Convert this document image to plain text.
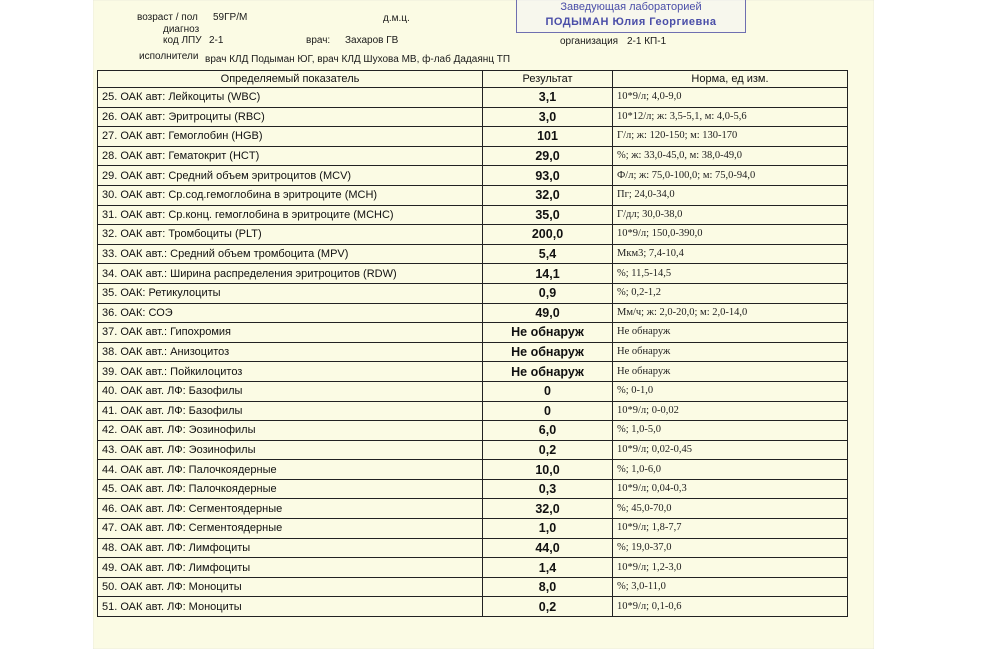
возраст / пол 59ГР/М	д.м.ц.
диагноз
код ЛПУ 2-1	врач: Захаров ГВ	организация 2-1 КП-1
исполнители врач КЛД Подыман ЮГ, врач КЛД Шухова МВ, ф-лаб Дадаянц ТП
Заведующая лабораторией
ПОДЫМАН Юлия Георгиевна
Определяемый показатель	Результат	Норма, ед изм.
25. ОАК авт: Лейкоциты (WBC)	3,1	10*9/л; 4,0-9,0
26. ОАК авт: Эритроциты (RBC)	3,0	10*12/л; ж: 3,5-5,1, м: 4,0-5,6
27. ОАК авт: Гемоглобин (HGB)	101	Г/л; ж: 120-150; м: 130-170
28. ОАК авт: Гематокрит (HCT)	29,0	%; ж: 33,0-45,0, м: 38,0-49,0
29. ОАК авт: Средний объем эритроцитов (MCV)	93,0	Ф/л; ж: 75,0-100,0; м: 75,0-94,0
30. ОАК авт: Ср.сод.гемоглобина в эритроците (MCH)	32,0	Пг; 24,0-34,0
31. ОАК авт: Ср.конц. гемоглобина в эритроците (MCHC)	35,0	Г/дл; 30,0-38,0
32. ОАК авт: Тромбоциты (PLT)	200,0	10*9/л; 150,0-390,0
33. ОАК авт.: Средний объем тромбоцита (MPV)	5,4	Мкм3; 7,4-10,4
34. ОАК авт.: Ширина распределения эритроцитов (RDW)	14,1	%; 11,5-14,5
35. ОАК: Ретикулоциты	0,9	%; 0,2-1,2
36. ОАК: СОЭ	49,0	Мм/ч; ж: 2,0-20,0; м: 2,0-14,0
37. ОАК авт.: Гипохромия	Не обнаруж	Не обнаруж
38. ОАК авт.: Анизоцитоз	Не обнаруж	Не обнаруж
39. ОАК авт.: Пойкилоцитоз	Не обнаруж	Не обнаруж
40. ОАК авт. ЛФ: Базофилы	0	%; 0-1,0
41. ОАК авт. ЛФ: Базофилы	0	10*9/л; 0-0,02
42. ОАК авт. ЛФ: Эозинофилы	6,0	%; 1,0-5,0
43. ОАК авт. ЛФ: Эозинофилы	0,2	10*9/л; 0,02-0,45
44. ОАК авт. ЛФ: Палочкоядерные	10,0	%; 1,0-6,0
45. ОАК авт. ЛФ: Палочкоядерные	0,3	10*9/л; 0,04-0,3
46. ОАК авт. ЛФ: Сегментоядерные	32,0	%; 45,0-70,0
47. ОАК авт. ЛФ: Сегментоядерные	1,0	10*9/л; 1,8-7,7
48. ОАК авт. ЛФ: Лимфоциты	44,0	%; 19,0-37,0
49. ОАК авт. ЛФ: Лимфоциты	1,4	10*9/л; 1,2-3,0
50. ОАК авт. ЛФ: Моноциты	8,0	%; 3,0-11,0
51. ОАК авт. ЛФ: Моноциты	0,2	10*9/л; 0,1-0,6
